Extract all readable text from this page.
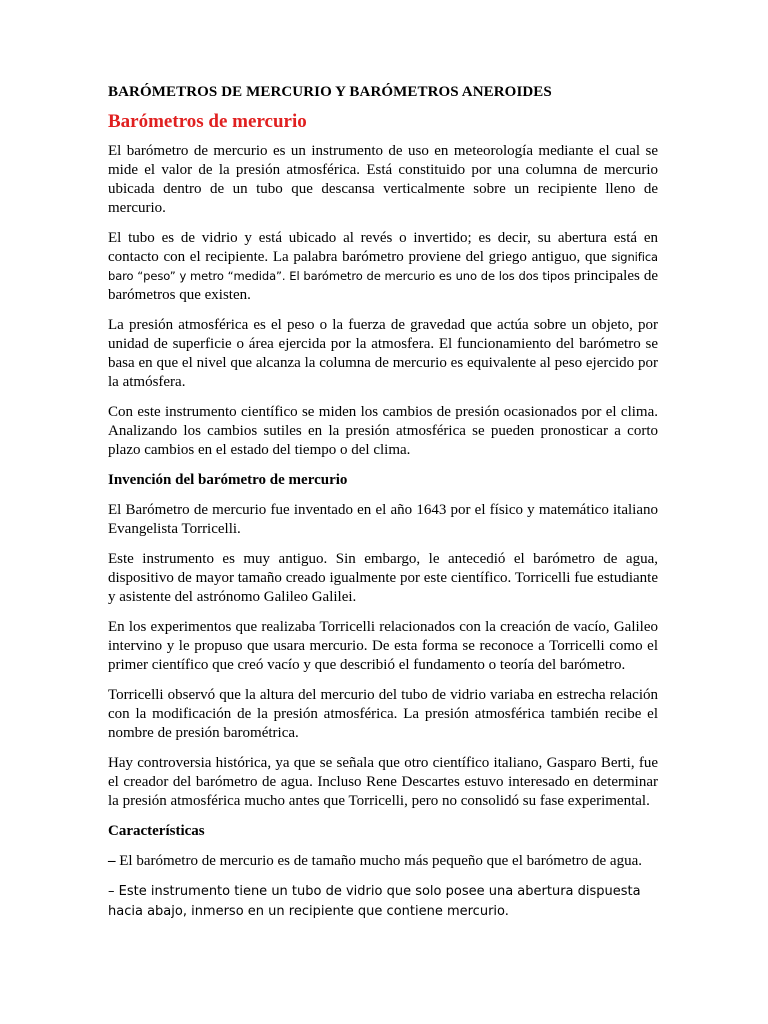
BARÓMETROS DE MERCURIO Y BARÓMETROS ANEROIDES
Barómetros de mercurio

El barómetro de mercurio es un instrumento de uso en meteorología mediante el cual se mide el valor de la presión atmosférica. Está constituido por una columna de mercurio ubicada dentro de un tubo que descansa verticalmente sobre un recipiente lleno de mercurio.

El tubo es de vidrio y está ubicado al revés o invertido; es decir, su abertura está en contacto con el recipiente. La palabra barómetro proviene del griego antiguo, que significa baro “peso” y metro “medida”. El barómetro de mercurio es uno de los dos tipos principales de barómetros que existen.

La presión atmosférica es el peso o la fuerza de gravedad que actúa sobre un objeto, por unidad de superficie o área ejercida por la atmosfera. El funcionamiento del barómetro se basa en que el nivel que alcanza la columna de mercurio es equivalente al peso ejercido por la atmósfera.

Con este instrumento científico se miden los cambios de presión ocasionados por el clima. Analizando los cambios sutiles en la presión atmosférica se pueden pronosticar a corto plazo cambios en el estado del tiempo o del clima.

Invención del barómetro de mercurio

El Barómetro de mercurio fue inventado en el año 1643 por el físico y matemático italiano Evangelista Torricelli.

Este instrumento es muy antiguo. Sin embargo, le antecedió el barómetro de agua, dispositivo de mayor tamaño creado igualmente por este científico. Torricelli fue estudiante y asistente del astrónomo Galileo Galilei.

En los experimentos que realizaba Torricelli relacionados con la creación de vacío, Galileo intervino y le propuso que usara mercurio. De esta forma se reconoce a Torricelli como el primer científico que creó vacío y que describió el fundamento o teoría del barómetro.

Torricelli observó que la altura del mercurio del tubo de vidrio variaba en estrecha relación con la modificación de la presión atmosférica. La presión atmosférica también recibe el nombre de presión barométrica.

Hay controversia histórica, ya que se señala que otro científico italiano, Gasparo Berti, fue el creador del barómetro de agua. Incluso Rene Descartes estuvo interesado en determinar la presión atmosférica mucho antes que Torricelli, pero no consolidó su fase experimental.

Características

– El barómetro de mercurio es de tamaño mucho más pequeño que el barómetro de agua.

– Este instrumento tiene un tubo de vidrio que solo posee una abertura dispuesta hacia abajo, inmerso en un recipiente que contiene mercurio.
